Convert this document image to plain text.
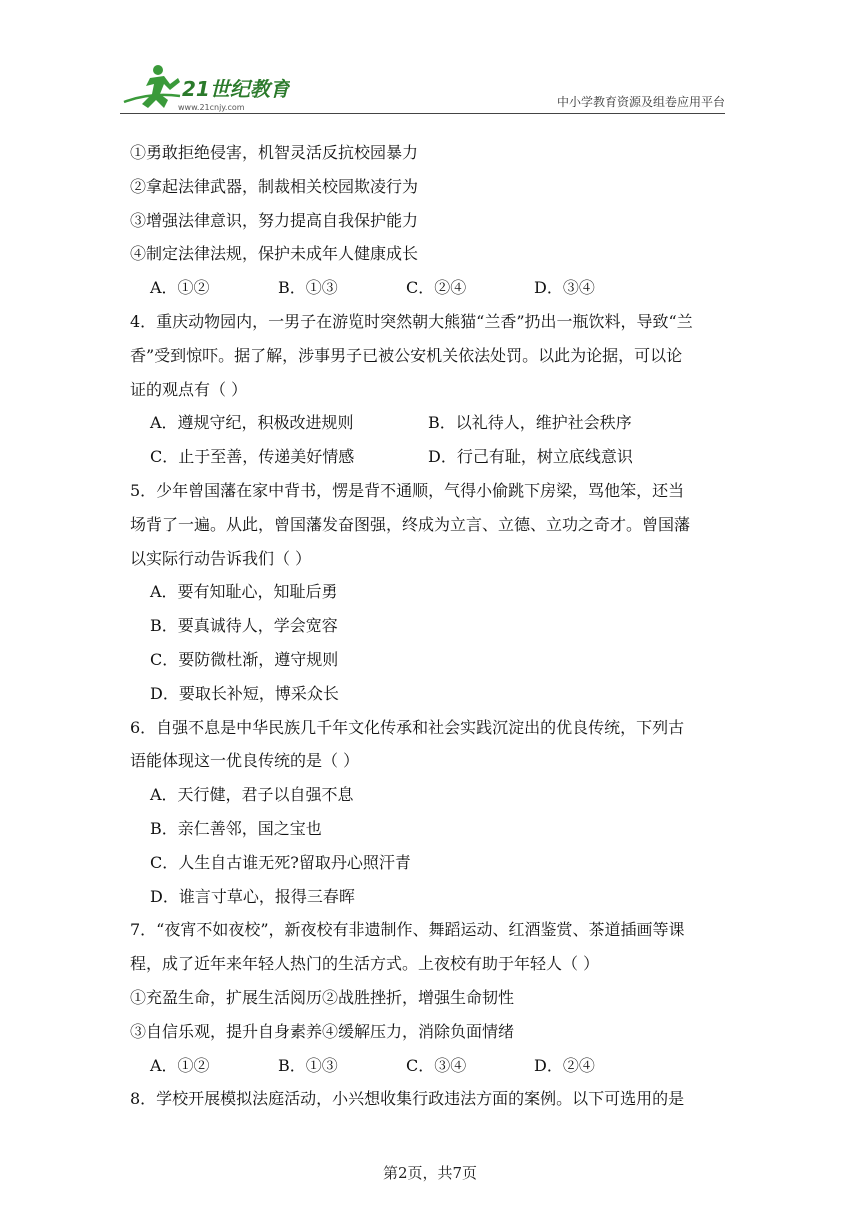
21世纪教育
www.21cnjy.com	中小学教育资源及组卷应用平台
①勇敢拒绝侵害，机智灵活反抗校园暴力
②拿起法律武器，制裁相关校园欺凌行为
③增强法律意识，努力提高自我保护能力
④制定法律法规，保护未成年人健康成长
A．①②	B．①③	C．②④	D．③④
4．重庆动物园内，一男子在游览时突然朝大熊猫“兰香”扔出一瓶饮料，导致“兰
香”受到惊吓。据了解，涉事男子已被公安机关依法处罚。以此为论据，可以论
证的观点有（ ）
A．遵规守纪，积极改进规则	B．以礼待人，维护社会秩序
C．止于至善，传递美好情感	D．行己有耻，树立底线意识
5．少年曾国藩在家中背书，愣是背不通顺，气得小偷跳下房梁，骂他笨，还当
场背了一遍。从此，曾国藩发奋图强，终成为立言、立德、立功之奇才。曾国藩
以实际行动告诉我们（ ）
A．要有知耻心，知耻后勇
B．要真诚待人，学会宽容
C．要防微杜渐，遵守规则
D．要取长补短，博采众长
6．自强不息是中华民族几千年文化传承和社会实践沉淀出的优良传统，下列古
语能体现这一优良传统的是（ ）
A．天行健，君子以自强不息
B．亲仁善邻，国之宝也
C．人生自古谁无死?留取丹心照汗青
D．谁言寸草心，报得三春晖
7．“夜宵不如夜校”，新夜校有非遗制作、舞蹈运动、红酒鉴赏、茶道插画等课
程，成了近年来年轻人热门的生活方式。上夜校有助于年轻人（ ）
①充盈生命，扩展生活阅历②战胜挫折，增强生命韧性
③自信乐观，提升自身素养④缓解压力，消除负面情绪
A．①②	B．①③	C．③④	D．②④
8．学校开展模拟法庭活动，小兴想收集行政违法方面的案例。以下可选用的是
第2页，共7页
